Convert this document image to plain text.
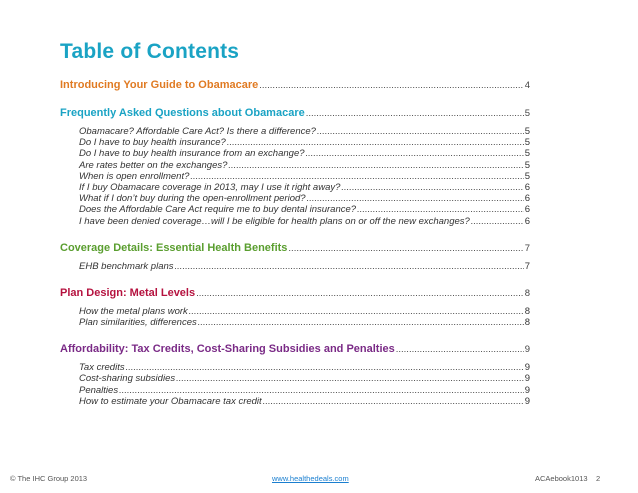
Table of Contents
Introducing Your Guide to Obamacare .....	4
Frequently Asked Questions about Obamacare .....	5
Obamacare? Affordable Care Act? Is there a difference? .....	5
Do I have to buy health insurance? .....	5
Do I have to buy health insurance from an exchange? .....	5
Are rates better on the exchanges? .....	5
When is open enrollment? .....	5
If I buy Obamacare coverage in 2013, may I use it right away? .....	6
What if I don’t buy during the open-enrollment period? .....	6
Does the Affordable Care Act require me to buy dental insurance? .....	6
I have been denied coverage…will I be eligible for health plans on or off the new exchanges? .....	6
Coverage Details: Essential Health Benefits .....	7
EHB benchmark plans .....	7
Plan Design: Metal Levels .....	8
How the metal plans work .....	8
Plan similarities, differences .....	8
Affordability: Tax Credits, Cost-Sharing Subsidies and Penalties .....	9
Tax credits .....	9
Cost-sharing subsidies .....	9
Penalties .....	9
How to estimate your Obamacare tax credit .....	9
© The IHC Group 2013	www.healthedeals.com	ACAebook1013 2
